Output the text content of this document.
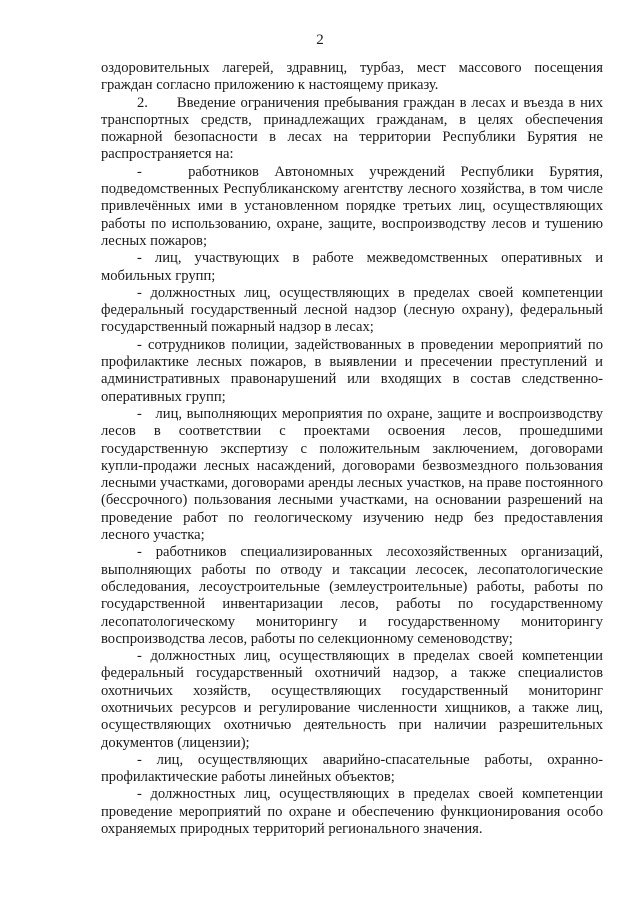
2

оздоровительных лагерей, здравниц, турбаз, мест массового посещения граждан согласно приложению к настоящему приказу.

2.      Введение ограничения пребывания граждан в лесах и въезда в них транспортных средств, принадлежащих гражданам, в целях обеспечения пожарной безопасности в лесах на территории Республики Бурятия не распространяется на:

-   работников Автономных учреждений Республики Бурятия, подведомственных Республиканскому агентству лесного хозяйства, в том числе привлечённых ими в установленном порядке третьих лиц, осуществляющих работы по использованию, охране, защите, воспроизводству лесов и тушению лесных пожаров;

- лиц, участвующих в работе межведомственных оперативных и мобильных групп;

- должностных лиц, осуществляющих в пределах своей компетенции федеральный государственный лесной надзор (лесную охрану), федеральный государственный пожарный надзор в лесах;

- сотрудников полиции, задействованных в проведении мероприятий по профилактике лесных пожаров, в выявлении и пресечении преступлений и административных правонарушений или входящих в состав следственно-оперативных групп;

-   лиц, выполняющих мероприятия по охране, защите и воспроизводству лесов в соответствии с проектами освоения лесов, прошедшими государственную экспертизу с положительным заключением, договорами купли-продажи лесных насаждений, договорами безвозмездного пользования лесными участками, договорами аренды лесных участков, на праве постоянного (бессрочного) пользования лесными участками, на основании разрешений на проведение работ по геологическому изучению недр без предоставления лесного участка;

- работников специализированных лесохозяйственных организаций, выполняющих работы по отводу и таксации лесосек, лесопатологические обследования, лесоустроительные (землеустроительные) работы, работы по государственной инвентаризации лесов, работы по государственному лесопатологическому мониторингу и государственному мониторингу воспроизводства лесов, работы по селекционному семеноводству;

- должностных лиц, осуществляющих в пределах своей компетенции федеральный государственный охотничий надзор, а также специалистов охотничьих хозяйств, осуществляющих государственный мониторинг охотничьих ресурсов и регулирование численности хищников, а также лиц, осуществляющих охотничью деятельность при наличии разрешительных документов (лицензии);

- лиц, осуществляющих аварийно-спасательные работы, охранно-профилактические работы линейных объектов;

- должностных лиц, осуществляющих в пределах своей компетенции проведение мероприятий по охране и обеспечению функционирования особо охраняемых природных территорий регионального значения.
